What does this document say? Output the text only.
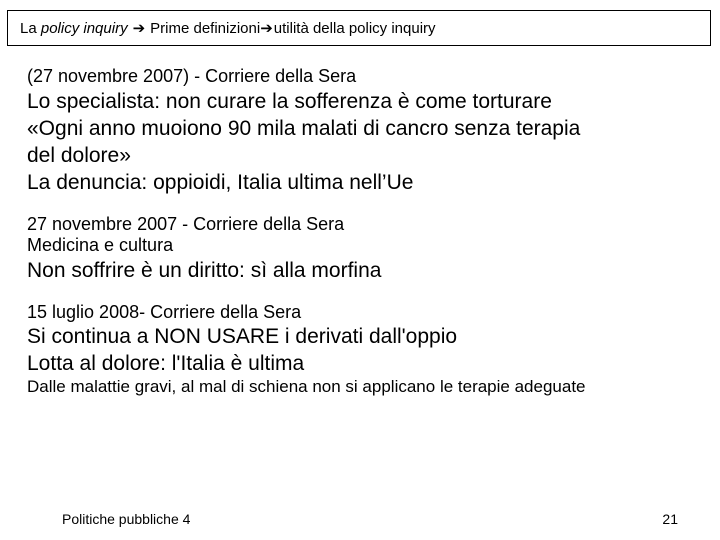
La policy inquiry ➔ Prime definizioni ➔ utilità della policy inquiry
(27 novembre 2007) - Corriere della Sera
Lo specialista: non curare la sofferenza è come torturare
«Ogni anno muoiono 90 mila malati di cancro senza terapia
del dolore»
La denuncia: oppioidi, Italia ultima nell’Ue
27 novembre 2007 - Corriere della Sera
Medicina e cultura
Non soffrire è un diritto: sì alla morfina
15 luglio 2008- Corriere della Sera
Si continua a NON USARE i derivati dall'oppio
Lotta al dolore: l'Italia è ultima
Dalle malattie gravi, al mal di schiena non si applicano le terapie adeguate
Politiche pubbliche 4	21
